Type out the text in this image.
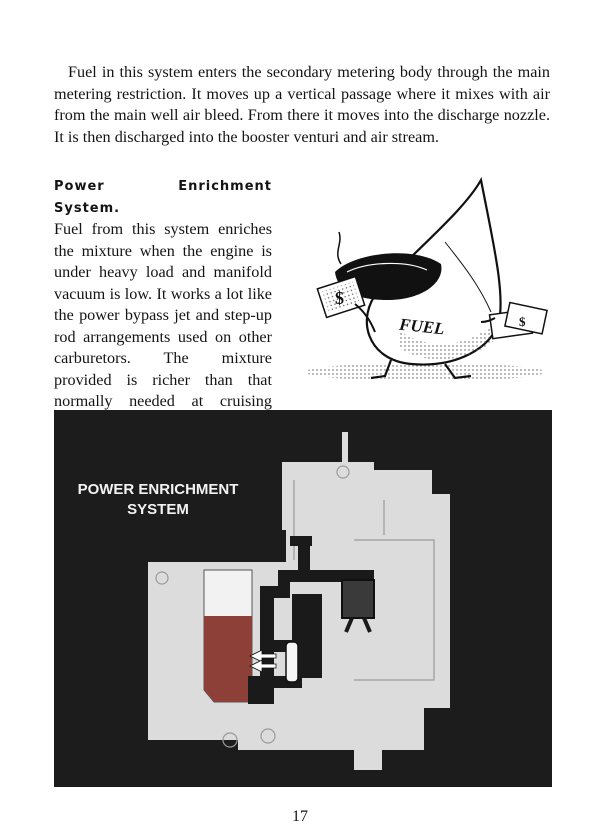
Fuel in this system enters the secondary metering body through the main metering restriction. It moves up a vertical passage where it mixes with air from the main well air bleed. From there it moves into the discharge nozzle. It is then discharged into the booster venturi and air stream.

Power Enrichment System.
Fuel from this system enriches the mixture when the engine is under heavy load and manifold vacuum is low. It works a lot like the power bypass jet and step-up rod arrangements used on other carburetors. The mixture provided is richer than that normally needed at cruising
$
$
FUEL
POWER ENRICHMENT
SYSTEM
17
